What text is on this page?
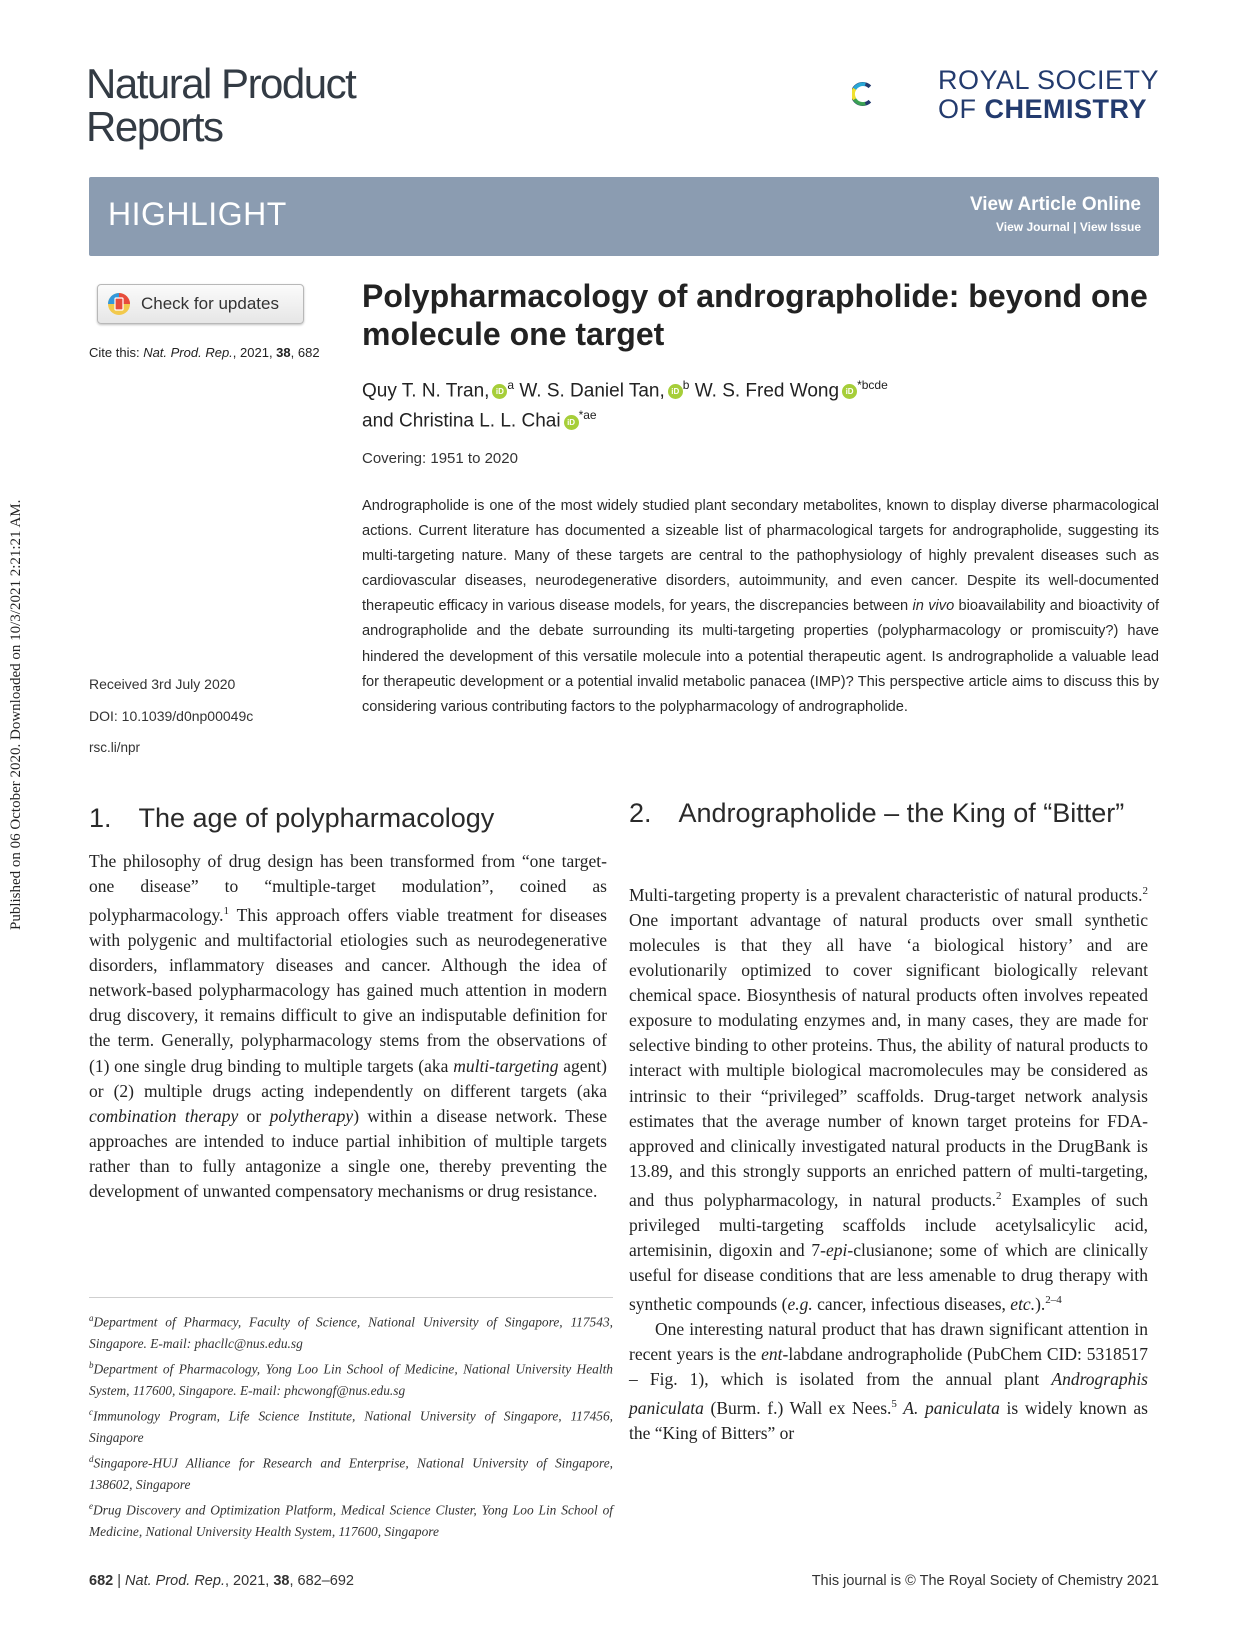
Natural Product
Reports
ROYAL SOCIETY
OF CHEMISTRY
HIGHLIGHT	View Article Online
View Journal | View Issue
Check for updates
Cite this: Nat. Prod. Rep., 2021, 38, 682
Received 3rd July 2020
DOI: 10.1039/d0np00049c
rsc.li/npr
Published on 06 October 2020. Downloaded on 10/3/2021 2:21:21 AM.
Polypharmacology of andrographolide: beyond one molecule one target
Quy T. N. Tran, iD $^a$ W. S. Daniel Tan, iD $^b$ W. S. Fred Wong iD $^{*bcde}$
and Christina L. L. Chai iD $^{*ae}$
Covering: 1951 to 2020
Andrographolide is one of the most widely studied plant secondary metabolites, known to display diverse pharmacological actions. Current literature has documented a sizeable list of pharmacological targets for andrographolide, suggesting its multi-targeting nature. Many of these targets are central to the pathophysiology of highly prevalent diseases such as cardiovascular diseases, neurodegenerative disorders, autoimmunity, and even cancer. Despite its well-documented therapeutic efficacy in various disease models, for years, the discrepancies between in vivo bioavailability and bioactivity of andrographolide and the debate surrounding its multi-targeting properties (polypharmacology or promiscuity?) have hindered the development of this versatile molecule into a potential therapeutic agent. Is andrographolide a valuable lead for therapeutic development or a potential invalid metabolic panacea (IMP)? This perspective article aims to discuss this by considering various contributing factors to the polypharmacology of andrographolide.
1. The age of polypharmacology

The philosophy of drug design has been transformed from “one target-one disease” to “multiple-target modulation”, coined as polypharmacology.$^1$ This approach offers viable treatment for diseases with polygenic and multifactorial etiologies such as neurodegenerative disorders, inflammatory diseases and cancer. Although the idea of network-based polypharmacology has gained much attention in modern drug discovery, it remains difficult to give an indisputable definition for the term. Generally, polypharmacology stems from the observations of (1) one single drug binding to multiple targets (aka multi-targeting agent) or (2) multiple drugs acting independently on different targets (aka combination therapy or polytherapy) within a disease network. These approaches are intended to induce partial inhibition of multiple targets rather than to fully antagonize a single one, thereby preventing the development of unwanted compensatory mechanisms or drug resistance.

2. Andrographolide – the King of “Bitter”

Multi-targeting property is a prevalent characteristic of natural products.$^2$ One important advantage of natural products over small synthetic molecules is that they all have ‘a biological history’ and are evolutionarily optimized to cover significant biologically relevant chemical space. Biosynthesis of natural products often involves repeated exposure to modulating enzymes and, in many cases, they are made for selective binding to other proteins. Thus, the ability of natural products to interact with multiple biological macromolecules may be considered as intrinsic to their “privileged” scaffolds. Drug-target network analysis estimates that the average number of known target proteins for FDA-approved and clinically investigated natural products in the DrugBank is 13.89, and this strongly supports an enriched pattern of multi-targeting, and thus polypharmacology, in natural products.$^2$ Examples of such privileged multi-targeting scaffolds include acetylsalicylic acid, artemisinin, digoxin and 7-epi-clusianone; some of which are clinically useful for disease conditions that are less amenable to drug therapy with synthetic compounds (e.g. cancer, infectious diseases, etc.).$^{2-4}$

One interesting natural product that has drawn significant attention in recent years is the ent-labdane andrographolide (PubChem CID: 5318517 – Fig. 1), which is isolated from the annual plant Andrographis paniculata (Burm. f.) Wall ex Nees.$^5$ A. paniculata is widely known as the “King of Bitters” or

$^a$Department of Pharmacy, Faculty of Science, National University of Singapore, 117543, Singapore. E-mail: phacllc@nus.edu.sg

$^b$Department of Pharmacology, Yong Loo Lin School of Medicine, National University Health System, 117600, Singapore. E-mail: phcwongf@nus.edu.sg

$^c$Immunology Program, Life Science Institute, National University of Singapore, 117456, Singapore

$^d$Singapore-HUJ Alliance for Research and Enterprise, National University of Singapore, 138602, Singapore

$^e$Drug Discovery and Optimization Platform, Medical Science Cluster, Yong Loo Lin School of Medicine, National University Health System, 117600, Singapore

682 | Nat. Prod. Rep., 2021, 38, 682–692	This journal is © The Royal Society of Chemistry 2021
